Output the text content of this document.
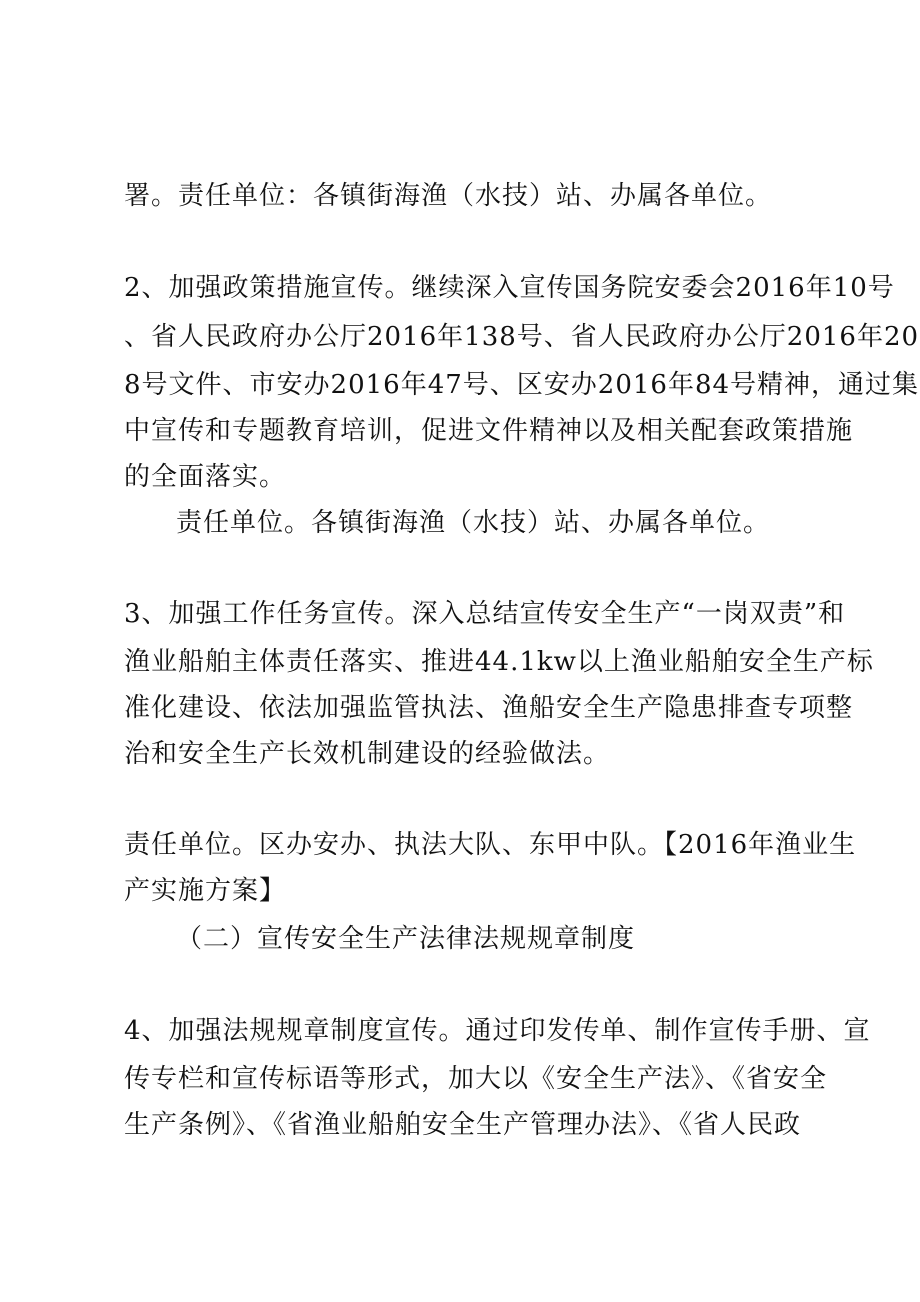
署。责任单位：各镇街海渔（水技）站、办属各单位。
2、加强政策措施宣传。继续深入宣传国务院安委会2016年10号
、省人民政府办公厅2016年138号、省人民政府办公厅2016年20
8号文件、市安办2016年47号、区安办2016年84号精神，通过集
中宣传和专题教育培训，促进文件精神以及相关配套政策措施
的全面落实。
责任单位。各镇街海渔（水技）站、办属各单位。
3、加强工作任务宣传。深入总结宣传安全生产“一岗双责”和
渔业船舶主体责任落实、推进44.1kw以上渔业船舶安全生产标
准化建设、依法加强监管执法、渔船安全生产隐患排查专项整
治和安全生产长效机制建设的经验做法。
责任单位。区办安办、执法大队、东甲中队。【2016年渔业生
产实施方案】
（二）宣传安全生产法律法规规章制度
4、加强法规规章制度宣传。通过印发传单、制作宣传手册、宣
传专栏和宣传标语等形式，加大以《安全生产法》、《省安全
生产条例》、《省渔业船舶安全生产管理办法》、《省人民政
